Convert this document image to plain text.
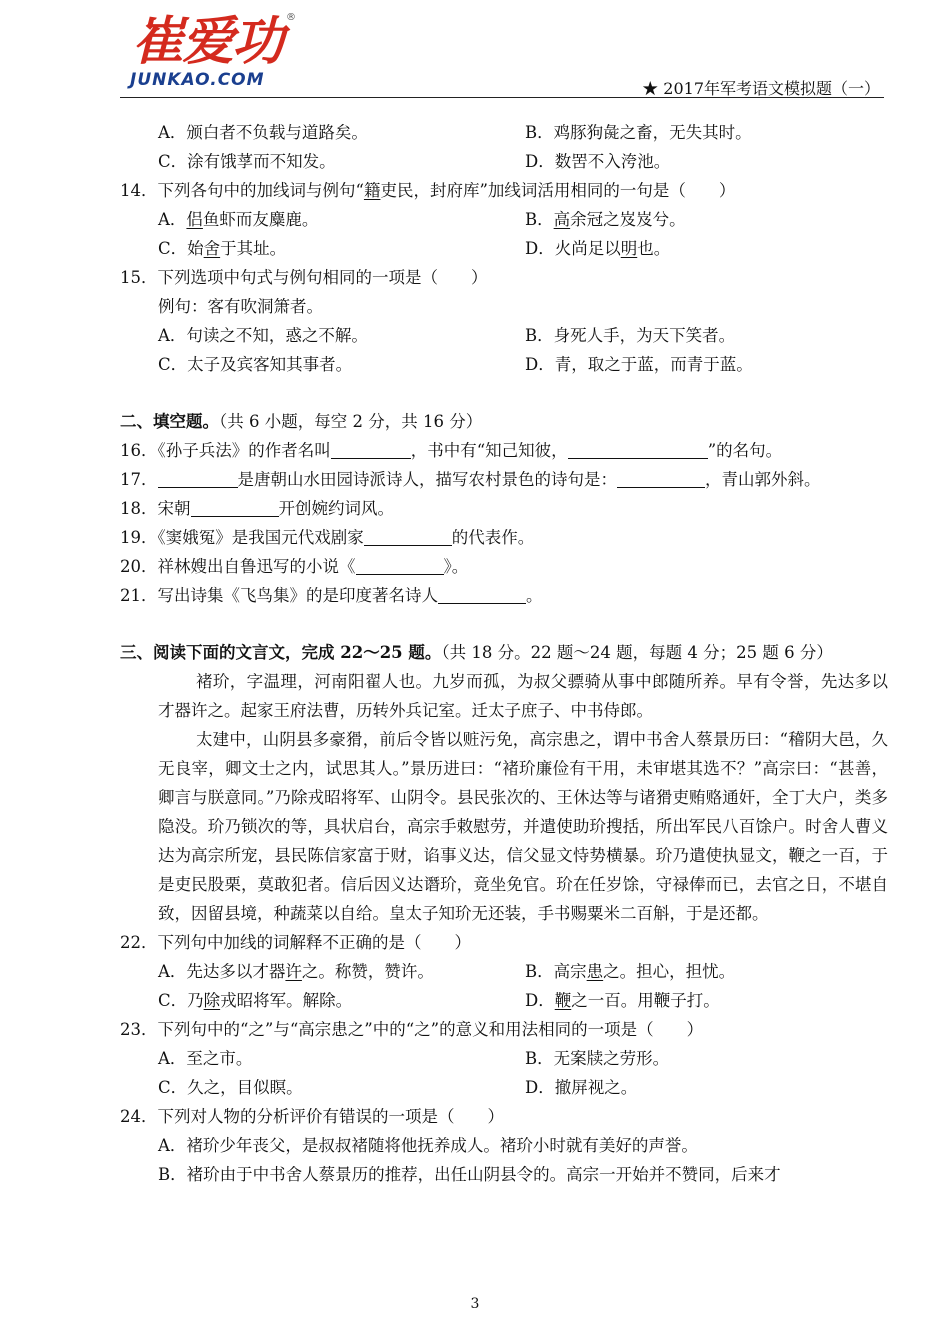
崔爱功
JUNKAO.COM
®
★ 2017年军考语文模拟题（一）
A．颁白者不负载与道路矣。	B．鸡豚狗彘之畜，无失其时。
C．涂有饿莩而不知发。	D．数罟不入洿池。
14．下列各句中的加线词与例句“籍吏民，封府库”加线词活用相同的一句是（　　）
A．侣鱼虾而友麋鹿。	B．高余冠之岌岌兮。
C．始舍于其址。	D．火尚足以明也。
15．下列选项中句式与例句相同的一项是（　　）
例句：客有吹洞箫者。
A．句读之不知，惑之不解。	B．身死人手，为天下笑者。
C．太子及宾客知其事者。	D．青，取之于蓝，而青于蓝。
二、填空题。（共 6 小题，每空 2 分，共 16 分）
16．《孙子兵法》的作者名叫	，书中有“知己知彼，	”的名句。
17．	是唐朝山水田园诗派诗人，描写农村景色的诗句是：	，青山郭外斜。
18．宋朝	开创婉约词风。
19．《窦娥冤》是我国元代戏剧家	的代表作。
20．祥林嫂出自鲁迅写的小说《	》。
21．写出诗集《飞鸟集》的是印度著名诗人	。
三、阅读下面的文言文，完成 22～25 题。（共 18 分。22 题～24 题，每题 4 分；25 题 6 分）
褚玠，字温理，河南阳翟人也。九岁而孤，为叔父骠骑从事中郎随所养。早有令誉，先达多以才器许之。起家王府法曹，历转外兵记室。迁太子庶子、中书侍郎。
太建中，山阴县多豪猾，前后令皆以赃污免，高宗患之，谓中书舍人蔡景历曰：“稽阴大邑，久无良宰，卿文士之内，试思其人。”景历进曰：“褚玠廉俭有干用，未审堪其选不？”高宗曰：“甚善，卿言与朕意同。”乃除戎昭将军、山阴令。县民张次的、王休达等与诸猾吏贿赂通奸，全丁大户，类多隐没。玠乃锁次的等，具状启台，高宗手敕慰劳，并遣使助玠搜括，所出军民八百馀户。时舍人曹义达为高宗所宠，县民陈信家富于财，谄事义达，信父显文恃势横暴。玠乃遣使执显文，鞭之一百，于是吏民股栗，莫敢犯者。信后因义达谮玠，竟坐免官。玠在任岁馀，守禄俸而已，去官之日，不堪自致，因留县境，种蔬菜以自给。皇太子知玠无还装，手书赐粟米二百斛，于是还都。
22．下列句中加线的词解释不正确的是（　　）
A．先达多以才器许之。称赞，赞许。	B．高宗患之。担心，担忧。
C．乃除戎昭将军。解除。	D．鞭之一百。用鞭子打。
23．下列句中的“之”与“高宗患之”中的“之”的意义和用法相同的一项是（　　）
A．至之市。	B．无案牍之劳形。
C．久之，目似瞑。	D．撤屏视之。
24．下列对人物的分析评价有错误的一项是（　　）
A．褚玠少年丧父，是叔叔褚随将他抚养成人。褚玠小时就有美好的声誉。
B．褚玠由于中书舍人蔡景历的推荐，出任山阴县令的。高宗一开始并不赞同，后来才
3
